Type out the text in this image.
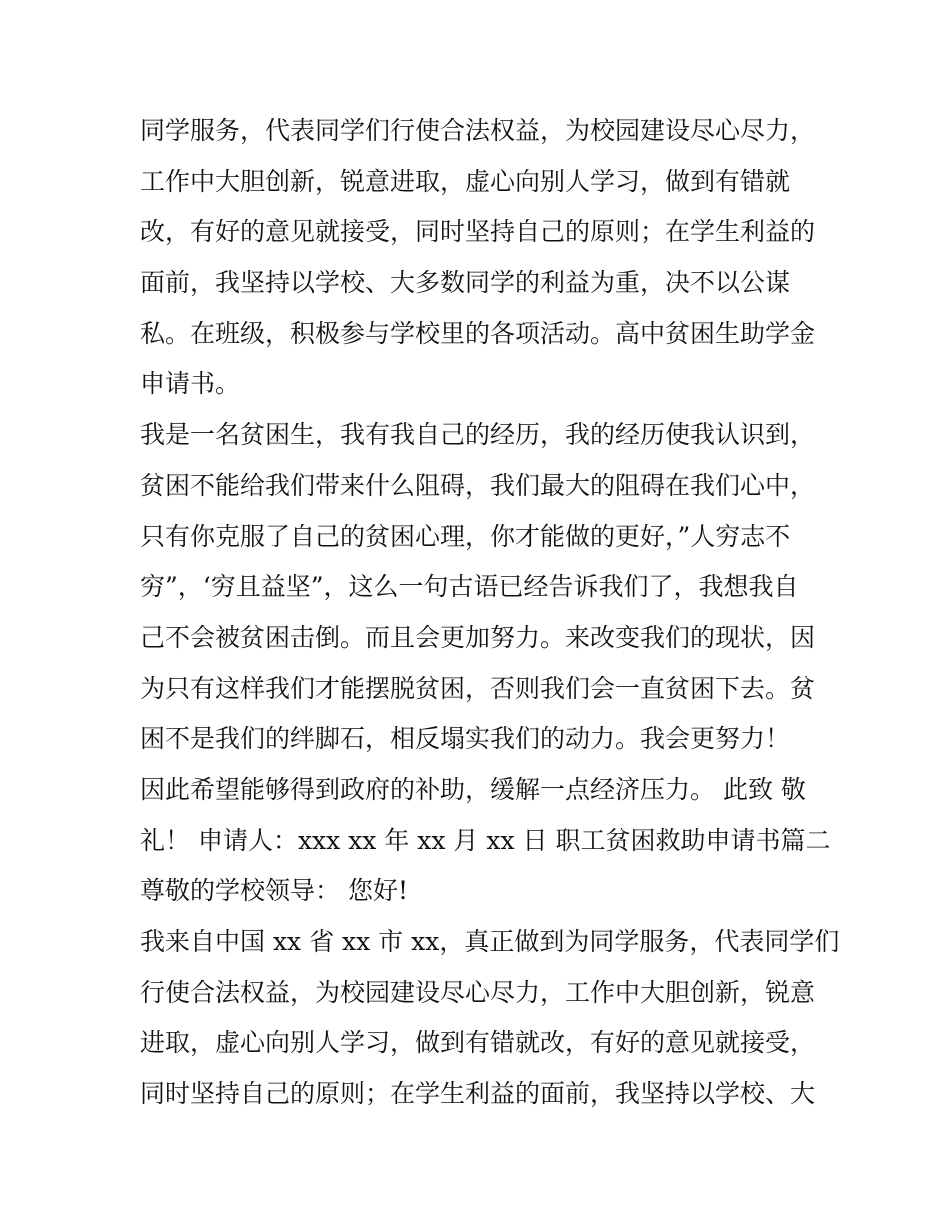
同学服务，代表同学们行使合法权益，为校园建设尽心尽力，
工作中大胆创新，锐意进取，虚心向别人学习，做到有错就
改，有好的意见就接受，同时坚持自己的原则；在学生利益的
面前，我坚持以学校、大多数同学的利益为重，决不以公谋
私。在班级，积极参与学校里的各项活动。高中贫困生助学金
申请书。
我是一名贫困生，我有我自己的经历，我的经历使我认识到，
贫困不能给我们带来什么阻碍，我们最大的阻碍在我们心中，
只有你克服了自己的贫困心理，你才能做的更好，”人穷志不
穷”，‘穷且益坚”，这么一句古语已经告诉我们了，我想我自
己不会被贫困击倒。而且会更加努力。来改变我们的现状，因
为只有这样我们才能摆脱贫困，否则我们会一直贫困下去。贫
困不是我们的绊脚石，相反塌实我们的动力。我会更努力！
因此希望能够得到政府的补助，缓解一点经济压力。 此致 敬
礼！ 申请人：xxx xx 年 xx 月 xx 日 职工贫困救助申请书篇二
尊敬的学校领导： 您好!
我来自中国 xx 省 xx 市 xx，真正做到为同学服务，代表同学们
行使合法权益，为校园建设尽心尽力，工作中大胆创新，锐意
进取，虚心向别人学习，做到有错就改，有好的意见就接受，
同时坚持自己的原则；在学生利益的面前，我坚持以学校、大
